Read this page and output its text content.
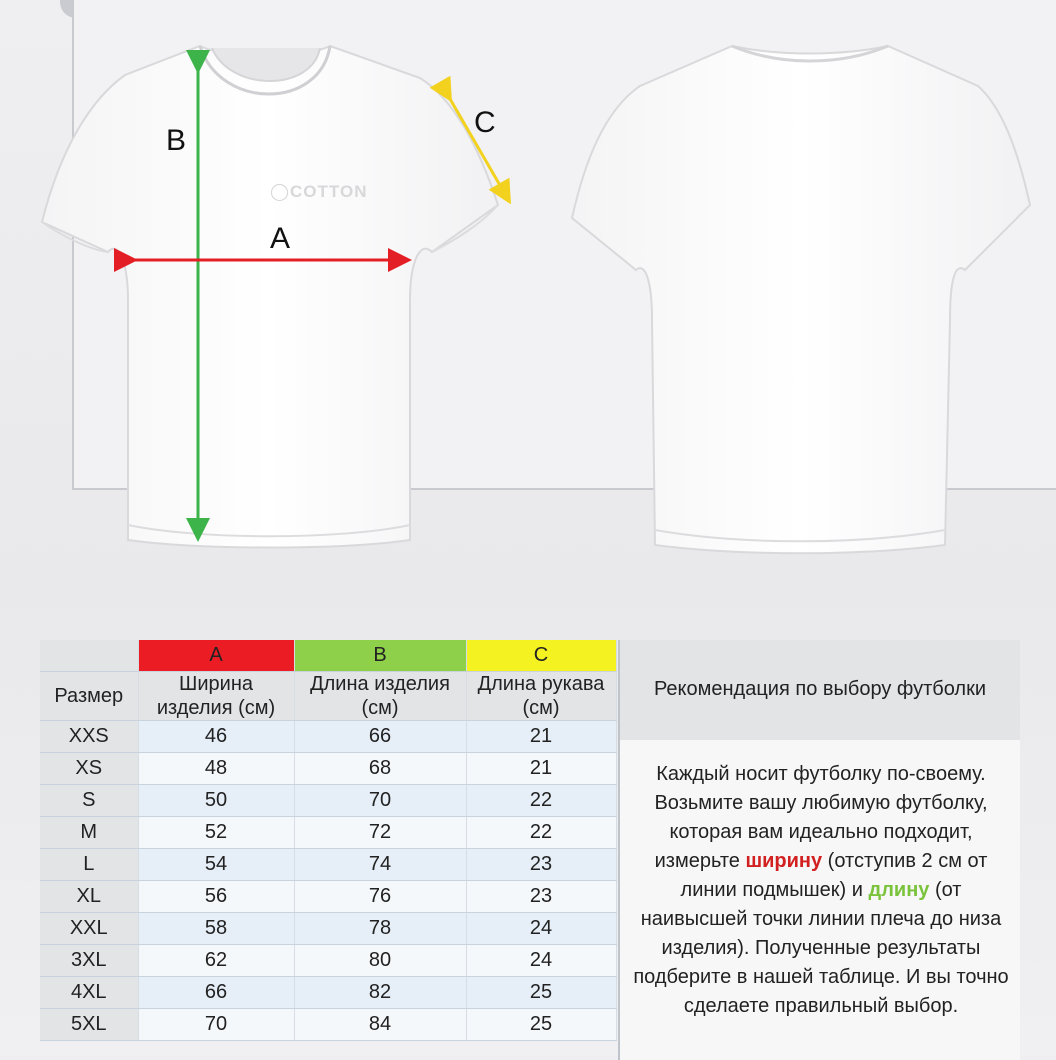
B
A
C
◯COTTON
	A	B	C
Размер	Ширина изделия (см)	Длина изделия (см)	Длина рукава (см)
XXS	46	66	21
XS	48	68	21
S	50	70	22
M	52	72	22
L	54	74	23
XL	56	76	23
XXL	58	78	24
3XL	62	80	24
4XL	66	82	25
5XL	70	84	25
Рекомендация по выбору футболки
Каждый носит футболку по-своему. Возьмите вашу любимую футболку, которая вам идеально подходит, измерьте ширину (отступив 2 см от линии подмышек) и длину (от наивысшей точки линии плеча до низа изделия). Полученные результаты подберите в нашей таблице. И вы точно сделаете правильный выбор.
